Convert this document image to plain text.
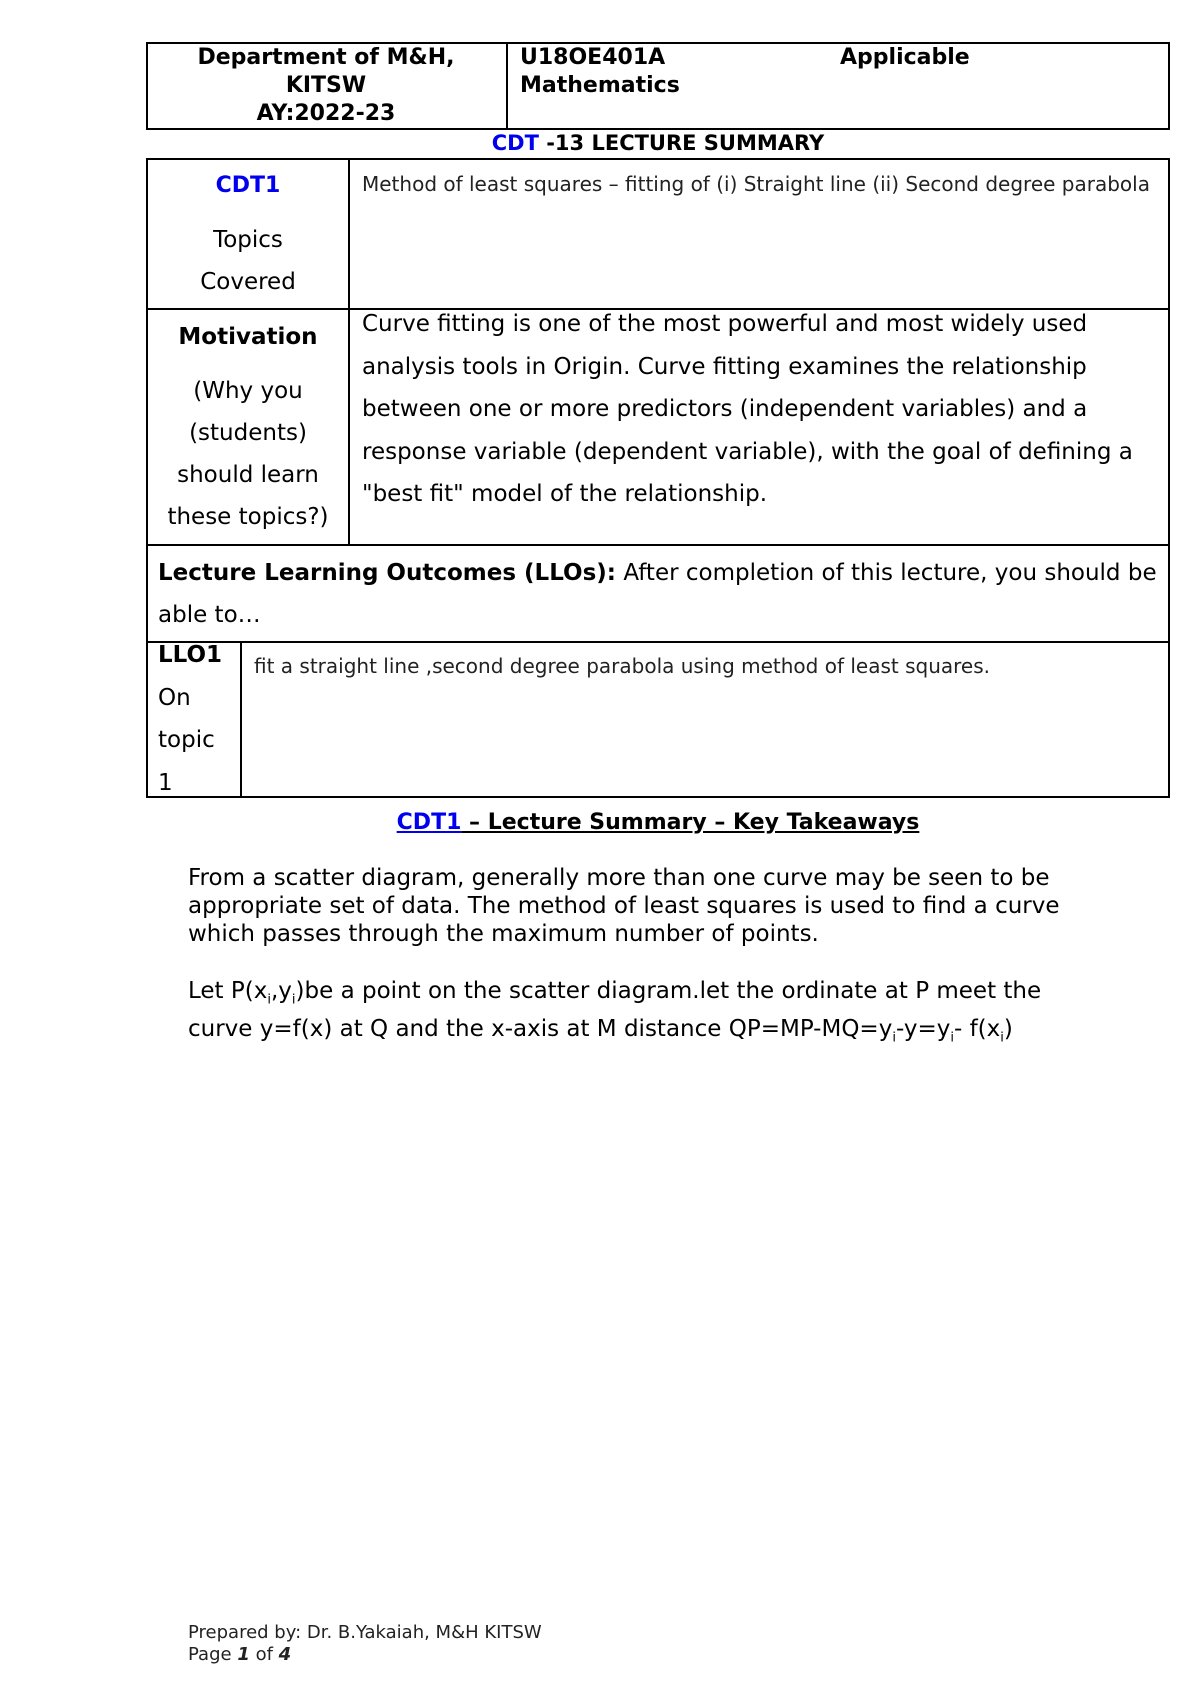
Department of M&H,
KITSW
AY:2022-23
U18OE401A	Applicable
Mathematics
CDT -13 LECTURE SUMMARY
CDT1
Topics
Covered
Method of least squares – fitting of (i) Straight line (ii) Second degree parabola
Motivation
(Why you
(students)
should learn
these topics?)
Curve fitting is one of the most powerful and most widely used analysis tools in Origin. Curve fitting examines the relationship between one or more predictors (independent variables) and a response variable (dependent variable), with the goal of defining a "best fit" model of the relationship.
Lecture Learning Outcomes (LLOs): After completion of this lecture, you should be able to…
LLO1
On
topic
1
fit a straight line ,second degree parabola using method of least squares.
CDT1 – Lecture Summary – Key Takeaways
From a scatter diagram, generally more than one curve may be seen to be appropriate set of data. The method of least squares is used to find a curve which passes through the maximum number of points.
Let $P(x_i,y_i)be$ a point on the scatter diagram.let the ordinate at P meet the curve y=f(x) at Q and the x-axis at M distance $QP=MP-MQ=y_i-y=y_i-$ $f(x_i)$
Prepared by: Dr. B.Yakaiah, M&H KITSW
Page 1 of 4
